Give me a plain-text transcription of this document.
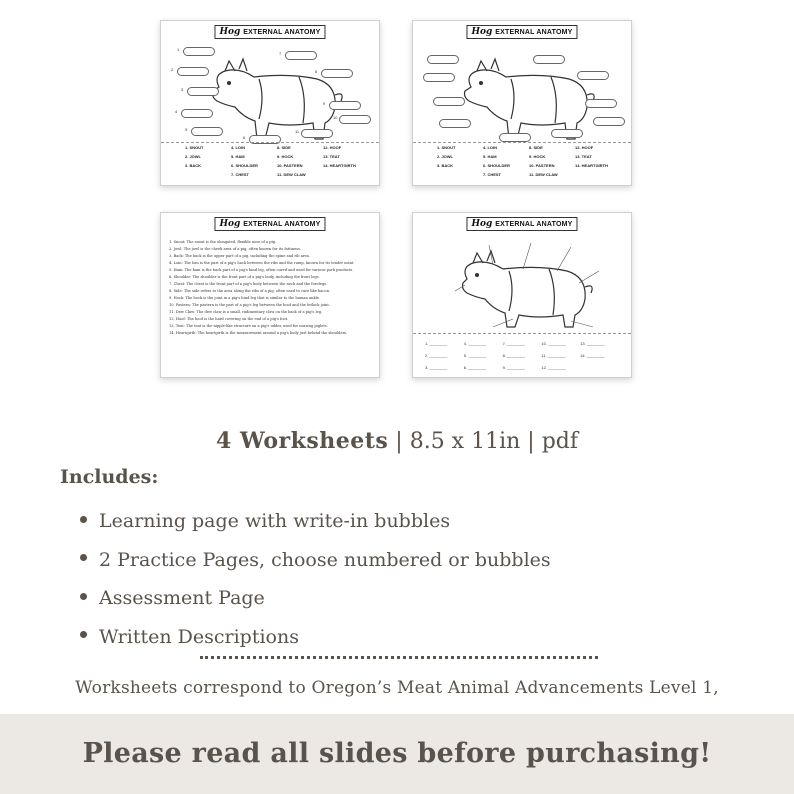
Hog EXTERNAL ANATOMY
1
2
3
4
5
6
7
8
9
10
11
1. SNOUT	4. LOIN	8. SIDE	12. HOOF
2. JOWL	5. HAM	9. HOCK	13. TEAT
3. BACK	6. SHOULDER	10. PASTERN	14. HEARTGIRTH
7. CHEST	11. DEW CLAW
Hog EXTERNAL ANATOMY
1. SNOUT	4. LOIN	8. SIDE	12. HOOF
2. JOWL	5. HAM	9. HOCK	13. TEAT
3. BACK	6. SHOULDER	10. PASTERN	14. HEARTGIRTH
7. CHEST	11. DEW CLAW
Hog EXTERNAL ANATOMY
1. Snout: The snout is the elongated, flexible nose of a pig.
2. Jowl: The jowl is the cheek area of a pig, often known for its fattiness.
3. Back: The back is the upper part of a pig, including the spine and rib area.
4. Loin: The loin is the part of a pig's back between the ribs and the rump, known for its tender meat.
5. Ham: The ham is the back part of a pig's hind leg, often cured and used for various pork products.
6. Shoulder: The shoulder is the front part of a pig's body, including the front legs.
7. Chest: The chest is the front part of a pig's body between the neck and the forelegs.
8. Side: The side refers to the area along the ribs of a pig, often used to cure like bacon.
9. Hock: The hock is the joint in a pig's hind leg that is similar to the human ankle.
10. Pastern: The pastern is the part of a pig's leg between the hoof and the fetlock joint.
11. Dew Claw: The dew claw is a small, rudimentary claw on the back of a pig's leg.
12. Hoof: The hoof is the hard covering on the end of a pig's foot.
13. Teat: The teat is the nipple-like structure on a pig's udder, used for nursing piglets.
14. Heartgirth: The heartgirth is the measurement around a pig's body just behind the shoulders.
Hog EXTERNAL ANATOMY
1. ________	4. ________	7. ________	10. ________	13. ________
2. ________	5. ________	8. ________	11. ________	14. ________
3. ________	6. ________	9. ________	12. ________
4 Worksheets | 8.5 x 11in | pdf
Includes:
Learning page with write-in bubbles
2 Practice Pages, choose numbered or bubbles
Assessment Page
Written Descriptions
Worksheets correspond to Oregon’s Meat Animal Advancements Level 1,
Please read all slides before purchasing!
